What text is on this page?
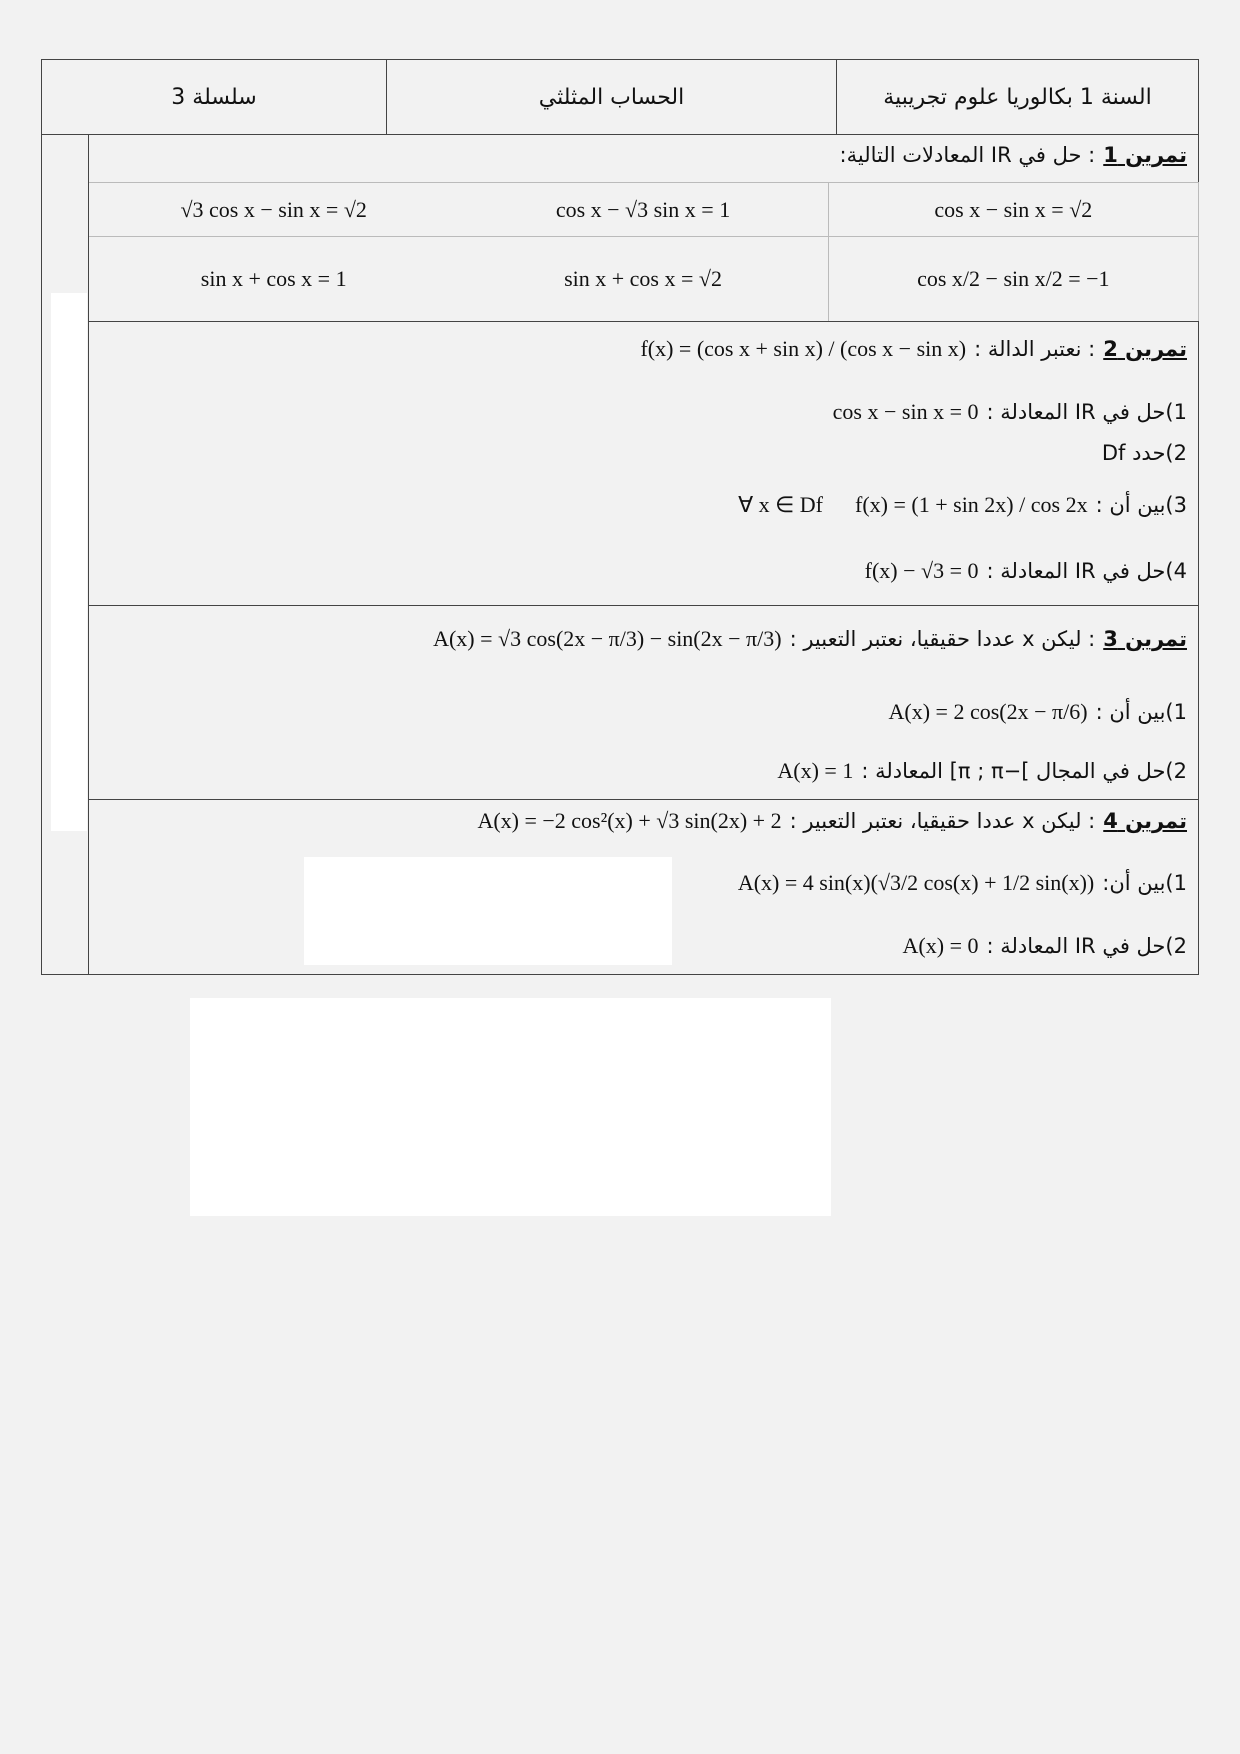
سلسلة 3	الحساب المثلثي	السنة 1 بكالوريا علوم تجريبية
تمرين 1
: حل في IR المعادلات التالية:
cos x − sin x = √2
cos x − √3 sin x = 1
√3 cos x − sin x = √2
cos x/2 − sin x/2 = −1
sin x + cos x = √2
sin x + cos x = 1
تمرين 2
: نعتبر الدالة :
f(x) = (cos x + sin x) / (cos x − sin x)
1)حل في IR المعادلة :
cos x − sin x = 0
2)حدد Df
3)بين أن :
f(x) = (1 + sin 2x) / cos 2x
∀ x ∈ Df
4)حل في IR المعادلة :
f(x) − √3 = 0
تمرين 3
: ليكن x عددا حقيقيا، نعتبر التعبير :
A(x) = √3 cos(2x − π/3) − sin(2x − π/3)
1)بين أن :
A(x) = 2 cos(2x − π/6)
2)حل في المجال ]−π ; π] المعادلة :
A(x) = 1
تمرين 4
: ليكن x عددا حقيقيا، نعتبر التعبير :
A(x) = −2 cos²(x) + √3 sin(2x) + 2
1)بين أن:
A(x) = 4 sin(x)(√3/2 cos(x) + 1/2 sin(x))
2)حل في IR المعادلة :
A(x) = 0
